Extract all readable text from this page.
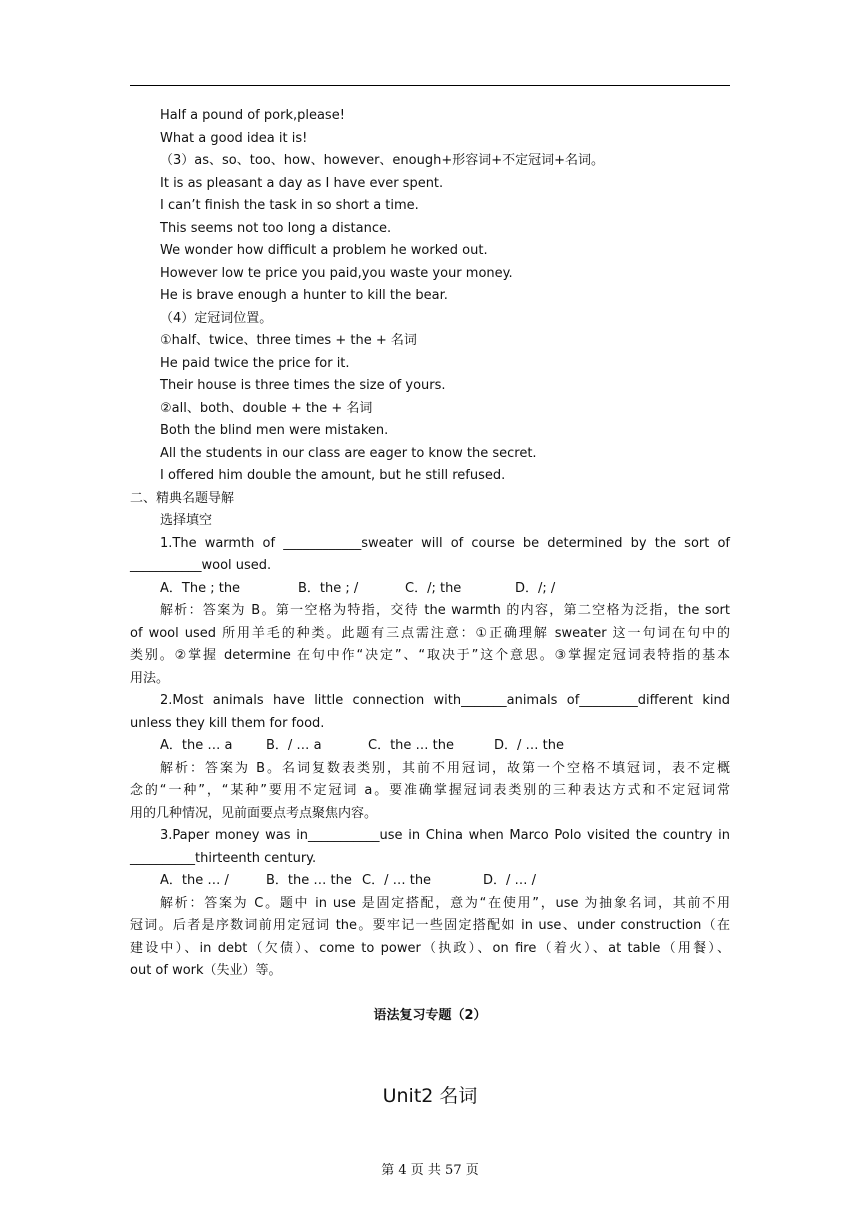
Half a pound of pork,please!
What a good idea it is!
（3）as、so、too、how、however、enough+形容词+不定冠词+名词。
It is as pleasant a day as I have ever spent.
I can’t finish the task in so short a time.
This seems not too long a distance.
We wonder how difficult a problem he worked out.
However low te price you paid,you waste your money.
He is brave enough a hunter to kill the bear.
（4）定冠词位置。
①half、twice、three times + the + 名词
He paid twice the price for it.
Their house is three times the size of yours.
②all、both、double + the + 名词
Both the blind men were mistaken.
All the students in our class are eager to know the secret.
I offered him double the amount, but he still refused.
二、精典名题导解
选择填空
1.The warmth of ____________sweater will of course be determined by the sort of
___________wool used.
A．The ; the	B．the ; /	C．/; the	D．/; /
解析：答案为 B。第一空格为特指，交待 the warmth 的内容，第二空格为泛指，the sort
of wool used 所用羊毛的种类。此题有三点需注意：①正确理解 sweater 这一句词在句中的
类别。②掌握 determine 在句中作“决定”、“取决于”这个意思。③掌握定冠词表特指的基本
用法。
2.Most animals have little connection with_______animals of_________different kind
unless they kill them for food.
A．the … a	B．/ … a	C．the … the	D．/ … the
解析：答案为 B。名词复数表类别，其前不用冠词，故第一个空格不填冠词，表不定概
念的“一种”，“某种”要用不定冠词 a。要准确掌握冠词表类别的三种表达方式和不定冠词常
用的几种情况，见前面要点考点聚焦内容。
3.Paper money was in___________use in China when Marco Polo visited the country in
__________thirteenth century.
A．the … /	B．the … the C．/ … the	D．/ … /
解析：答案为 C。题中 in use 是固定搭配，意为“在使用”，use 为抽象名词，其前不用
冠词。后者是序数词前用定冠词 the。要牢记一些固定搭配如 in use、under construction（在
建设中）、in debt（欠债）、come to power（执政）、on fire（着火）、at table（用餐）、
out of work（失业）等。
语法复习专题（2）
Unit2 名词
第 4 页 共 57 页
